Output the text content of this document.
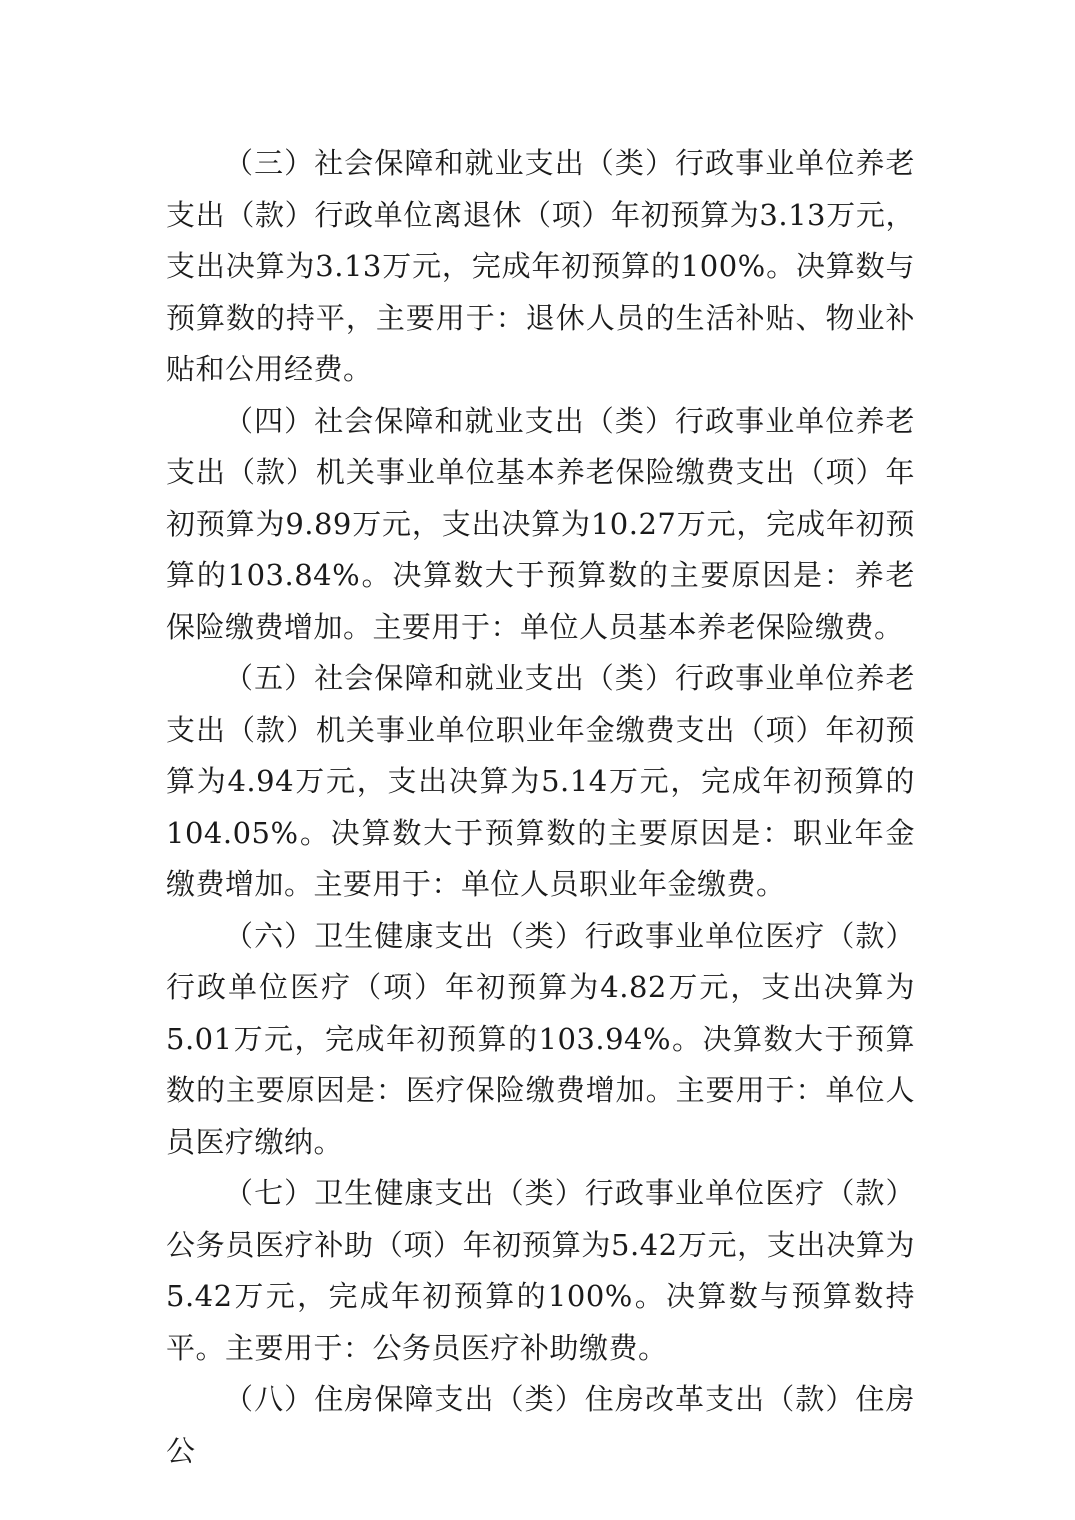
（三）社会保障和就业支出（类）行政事业单位养老支出（款）行政单位离退休（项）年初预算为3.13万元，支出决算为3.13万元，完成年初预算的100%。决算数与预算数的持平，主要用于：退休人员的生活补贴、物业补贴和公用经费。

（四）社会保障和就业支出（类）行政事业单位养老支出（款）机关事业单位基本养老保险缴费支出（项）年初预算为9.89万元，支出决算为10.27万元，完成年初预算的103.84%。决算数大于预算数的主要原因是：养老保险缴费增加。主要用于：单位人员基本养老保险缴费。

（五）社会保障和就业支出（类）行政事业单位养老支出（款）机关事业单位职业年金缴费支出（项）年初预算为4.94万元，支出决算为5.14万元，完成年初预算的104.05%。决算数大于预算数的主要原因是：职业年金缴费增加。主要用于：单位人员职业年金缴费。

（六）卫生健康支出（类）行政事业单位医疗（款）行政单位医疗（项）年初预算为4.82万元，支出决算为5.01万元，完成年初预算的103.94%。决算数大于预算数的主要原因是：医疗保险缴费增加。主要用于：单位人员医疗缴纳。

（七）卫生健康支出（类）行政事业单位医疗（款）公务员医疗补助（项）年初预算为5.42万元，支出决算为5.42万元，完成年初预算的100%。决算数与预算数持平。主要用于：公务员医疗补助缴费。

（八）住房保障支出（类）住房改革支出（款）住房公
